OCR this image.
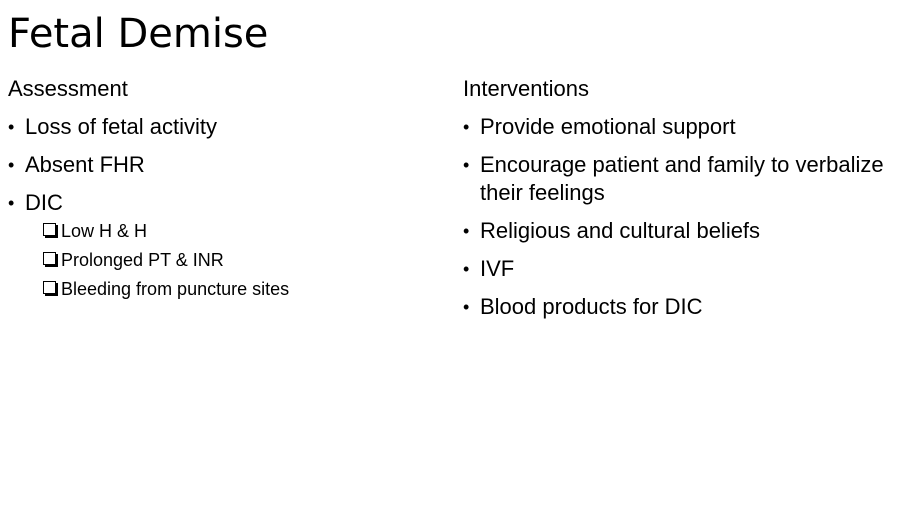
Fetal Demise
Assessment
• Loss of fetal activity
• Absent FHR
• DIC
Low H & H
Prolonged PT & INR
Bleeding from puncture sites
Interventions
• Provide emotional support
• Encourage patient and family to verbalize their feelings
• Religious and cultural beliefs
• IVF
• Blood products for DIC
